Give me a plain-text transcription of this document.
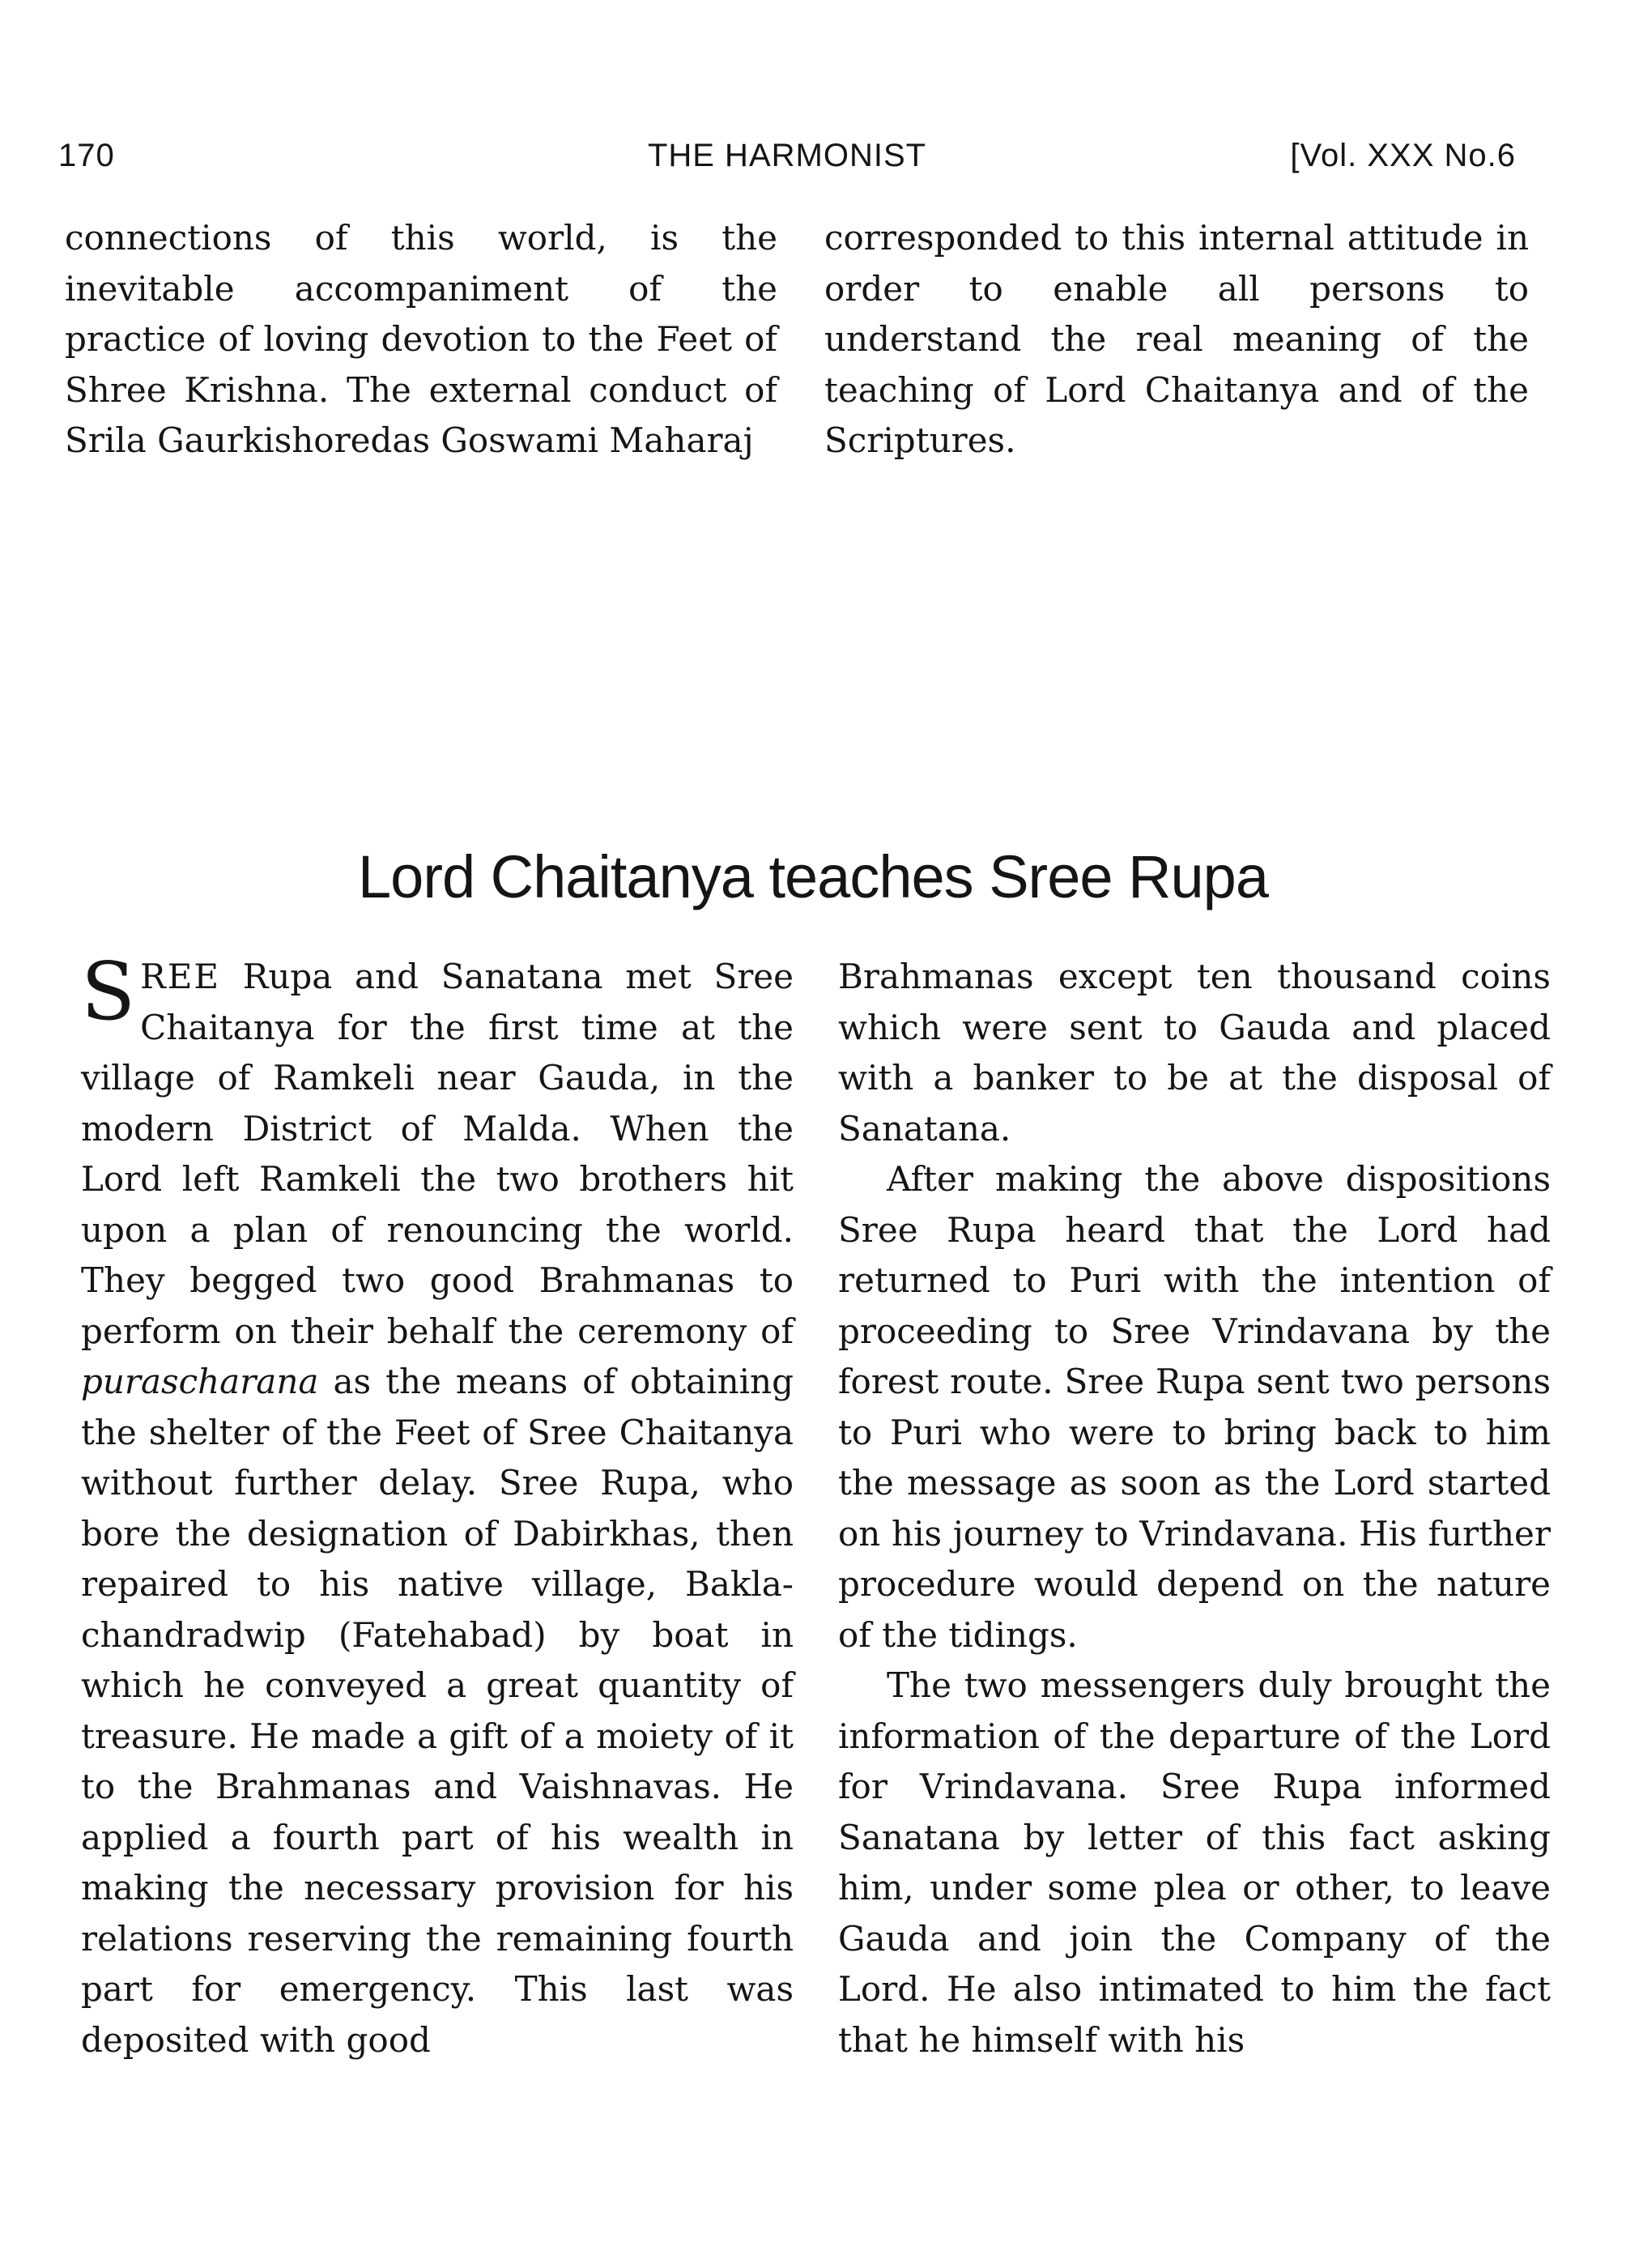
170	THE HARMONIST	[Vol. XXX No.6

connections of this world, is the inevitable accompaniment of the practice of loving devotion to the Feet of Shree Krishna. The external conduct of Srila Gaurkishoredas Goswami Maharaj

corresponded to this internal attitude in order to enable all persons to understand the real meaning of the teaching of Lord Chaitanya and of the Scriptures.

Lord Chaitanya teaches Sree Rupa

SREE Rupa and Sanatana met Sree Chaitanya for the first time at the village of Ramkeli near Gauda, in the modern District of Malda. When the Lord left Ramkeli the two brothers hit upon a plan of renouncing the world. They begged two good Brahmanas to perform on their behalf the ceremony of purascharana as the means of obtaining the shelter of the Feet of Sree Chaitanya without further delay. Sree Rupa, who bore the designation of Dabirkhas, then repaired to his native village, Bakla-chandradwip (Fatehabad) by boat in which he conveyed a great quantity of treasure. He made a gift of a moiety of it to the Brahmanas and Vaishnavas. He applied a fourth part of his wealth in making the necessary provision for his relations reserving the remaining fourth part for emergency. This last was deposited with good

Brahmanas except ten thousand coins which were sent to Gauda and placed with a banker to be at the disposal of Sanatana.

After making the above dispositions Sree Rupa heard that the Lord had returned to Puri with the intention of proceeding to Sree Vrindavana by the forest route. Sree Rupa sent two persons to Puri who were to bring back to him the message as soon as the Lord started on his journey to Vrindavana. His further procedure would depend on the nature of the tidings.

The two messengers duly brought the information of the departure of the Lord for Vrindavana. Sree Rupa informed Sanatana by letter of this fact asking him, under some plea or other, to leave Gauda and join the Company of the Lord. He also intimated to him the fact that he himself with his
